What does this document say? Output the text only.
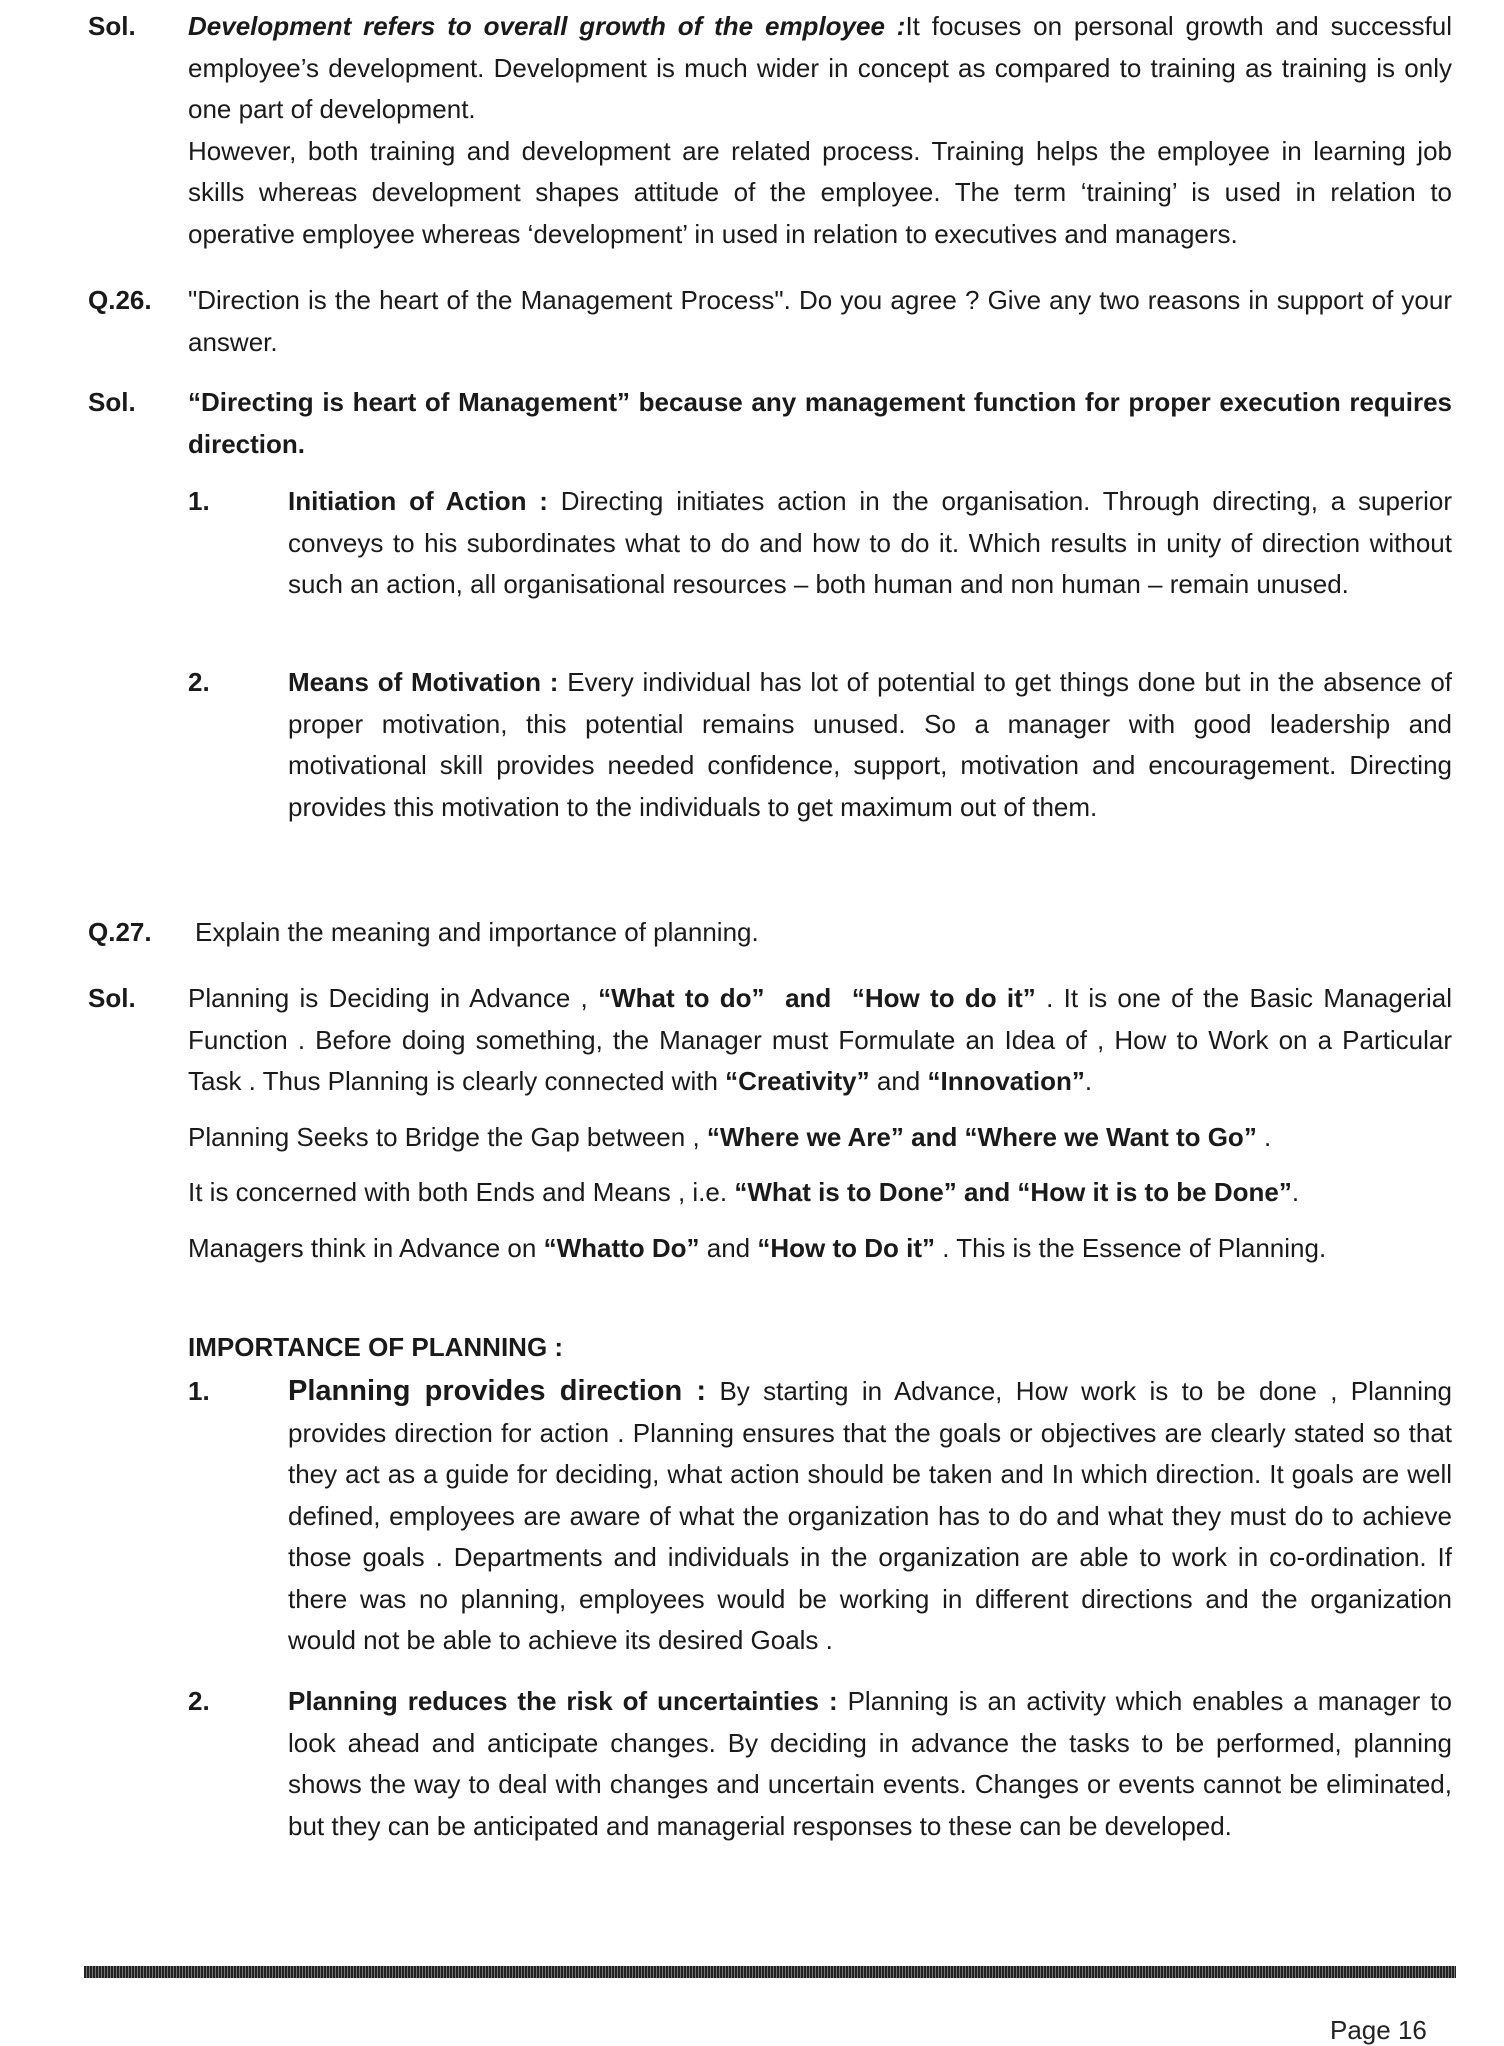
Sol. Development refers to overall growth of the employee :It focuses on personal growth and successful employee’s development. Development is much wider in concept as compared to training as training is only one part of development.

However, both training and development are related process. Training helps the employee in learning job skills whereas development shapes attitude of the employee. The term ‘training’ is used in relation to operative employee whereas ‘development’ in used in relation to executives and managers.

Q.26. "Direction is the heart of the Management Process". Do you agree ? Give any two reasons in support of your answer.
Sol. “Directing is heart of Management” because any management function for proper execution requires direction.
1.	Initiation of Action : Directing initiates action in the organisation. Through directing, a superior conveys to his subordinates what to do and how to do it. Which results in unity of direction without such an action, all organisational resources – both human and non human – remain unused.
2.	Means of Motivation : Every individual has lot of potential to get things done but in the absence of proper motivation, this potential remains unused. So a manager with good leadership and motivational skill provides needed confidence, support, motivation and encouragement. Directing provides this motivation to the individuals to get maximum out of them.
Q.27. Explain the meaning and importance of planning.
Sol. Planning is Deciding in Advance , “What to do”  and  “How to do it” . It is one of the Basic Managerial Function . Before doing something, the Manager must Formulate an Idea of , How to Work on a Particular Task . Thus Planning is clearly connected with “Creativity” and “Innovation”.

Planning Seeks to Bridge the Gap between , “Where we Are” and “Where we Want to Go” .

It is concerned with both Ends and Means , i.e. “What is to Done” and “How it is to be Done”.

Managers think in Advance on “Whatto Do” and “How to Do it” . This is the Essence of Planning.

IMPORTANCE OF PLANNING :
1.	Planning provides direction : By starting in Advance, How work is to be done , Planning provides direction for action . Planning ensures that the goals or objectives are clearly stated so that they act as a guide for deciding, what action should be taken and In which direction. It goals are well defined, employees are aware of what the organization has to do and what they must do to achieve those goals . Departments and individuals in the organization are able to work in co-ordination. If there was no planning, employees would be working in different directions and the organization would not be able to achieve its desired Goals .
2.	Planning reduces the risk of uncertainties : Planning is an activity which enables a manager to look ahead and anticipate changes. By deciding in advance the tasks to be performed, planning shows the way to deal with changes and uncertain events. Changes or events cannot be eliminated, but they can be anticipated and managerial responses to these can be developed.
Page 16
